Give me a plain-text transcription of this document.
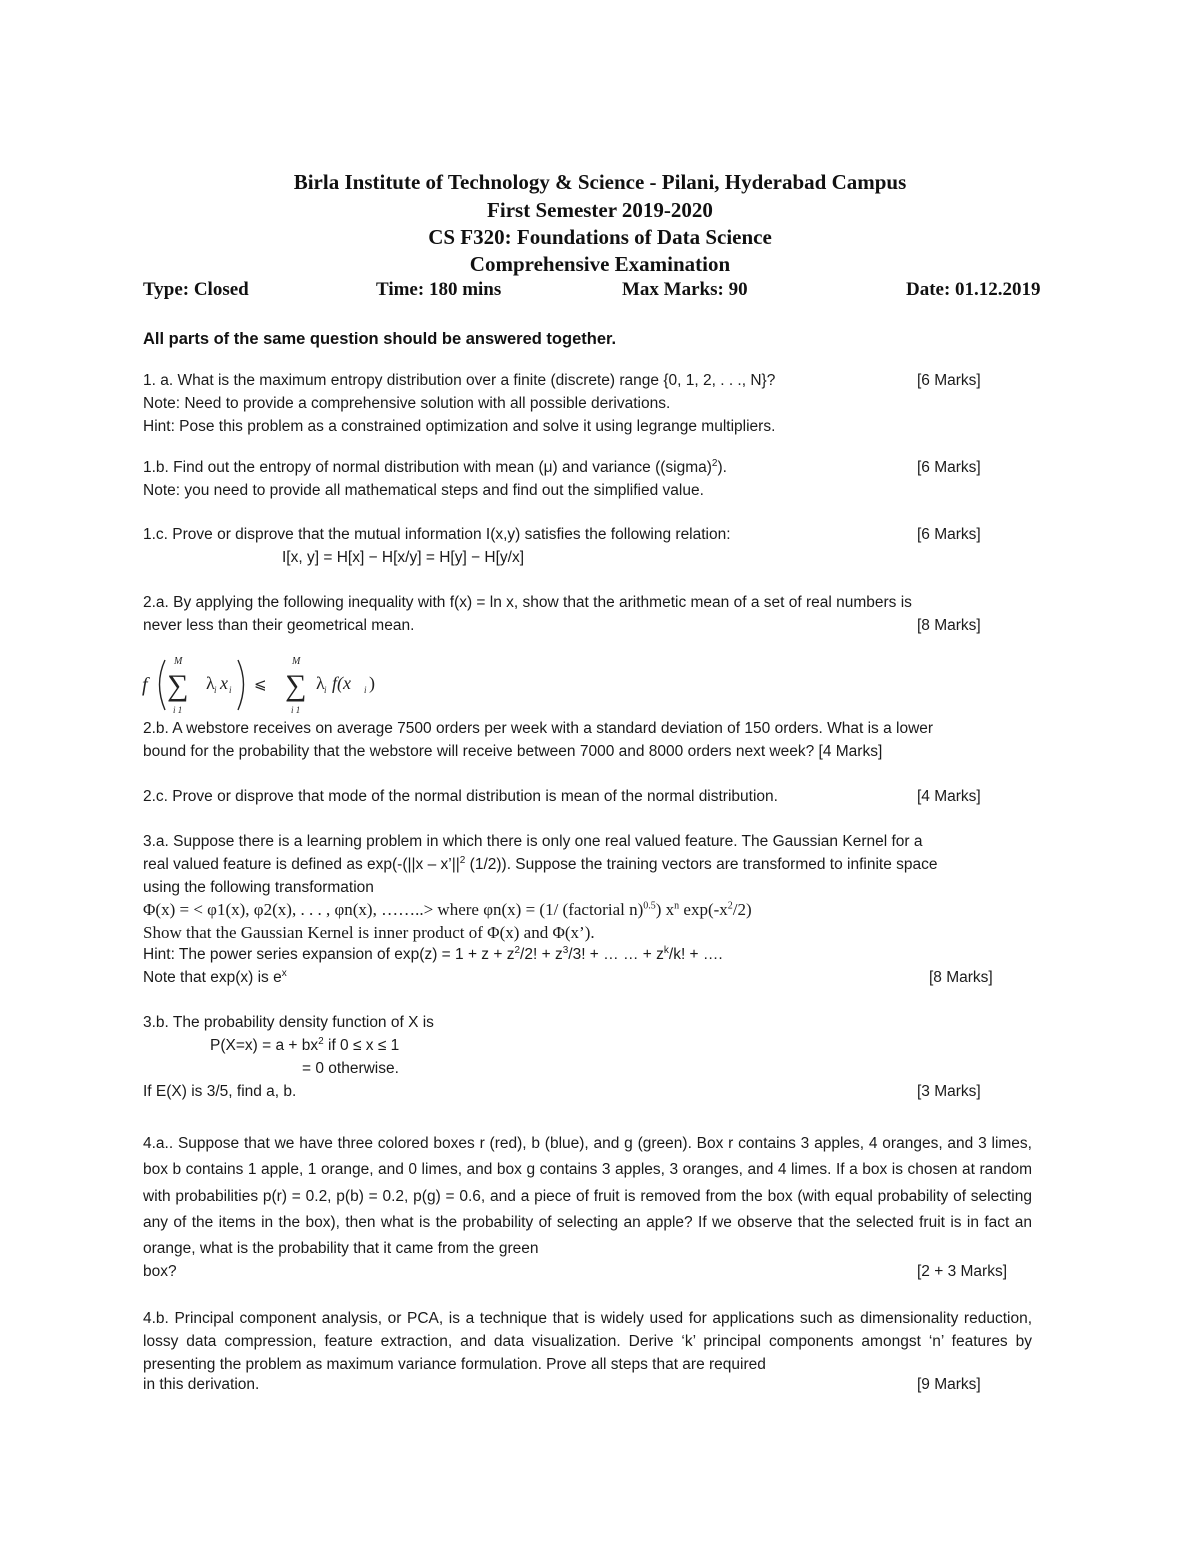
Birla Institute of Technology & Science - Pilani, Hyderabad Campus
First Semester 2019-2020
CS F320: Foundations of Data Science
Comprehensive Examination
Type: Closed	Time: 180 mins	Max Marks: 90	Date: 01.12.2019
All parts of the same question should be answered together.
1. a. What is the maximum entropy distribution over a finite (discrete) range {0, 1, 2, . . ., N}?	[6 Marks]
Note: Need to provide a comprehensive solution with all possible derivations.
Hint: Pose this problem as a constrained optimization and solve it using legrange multipliers.
1.b. Find out the entropy of normal distribution with mean (μ) and variance ((sigma)$^2$).	[6 Marks]
Note: you need to provide all mathematical steps and find out the simplified value.
1.c. Prove or disprove that the mutual information I(x,y) satisfies the following relation:	[6 Marks]
I[x, y] = H[x] − H[x/y] = H[y] − H[y/x]
2.a. By applying the following inequality with f(x) = ln x, show that the arithmetic mean of a set of real numbers is
never less than their geometrical mean.	[8 Marks]
f
M
∑
i 1
λ i x i ⩽
M
∑
i 1
λ i f(x i )
2.b. A webstore receives on average 7500 orders per week with a standard deviation of 150 orders. What is a lower
bound for the probability that the webstore will receive between 7000 and 8000 orders next week? [4 Marks]
2.c. Prove or disprove that mode of the normal distribution is mean of the normal distribution.	[4 Marks]
3.a. Suppose there is a learning problem in which there is only one real valued feature. The Gaussian Kernel for a
real valued feature is defined as $\exp(-(||x - x’||^2$ (1/2)). Suppose the training vectors are transformed to infinite space
using the following transformation
Φ(x) = < φ1(x), φ2(x), . . . , φn(x), ……..> where φn(x) = (1/ (factorial n)$^{0.5}$) $x^n$ $\exp(-x^2/2)$
Show that the Gaussian Kernel is inner product of Φ(x) and Φ(x’).
Hint: The power series expansion of $\exp(z) = 1 + z + z^2/2$! + $z^3/3$! + … … + $z^k/k$! + ….
Note that exp(x) is $e^x$	[8 Marks]
3.b. The probability density function of X is
$P(X=x) = a + bx^2$ if 0 ≤ x ≤ 1
= 0 otherwise.
If E(X) is 3/5, find a, b.	[3 Marks]
4.a.. Suppose that we have three colored boxes r (red), b (blue), and g (green). Box r contains 3 apples, 4 oranges, and 3 limes, box b contains 1 apple, 1 orange, and 0 limes, and box g contains 3 apples, 3 oranges, and 4 limes. If a box is chosen at random with probabilities p(r) = 0.2, p(b) = 0.2, p(g) = 0.6, and a piece of fruit is removed from the box (with equal probability of selecting any of the items in the box), then what is the probability of selecting an apple? If we observe that the selected fruit is in fact an orange, what is the probability that it came from the green
box?	[2 + 3 Marks]
4.b. Principal component analysis, or PCA, is a technique that is widely used for applications such as dimensionality reduction, lossy data compression, feature extraction, and data visualization. Derive ‘k’ principal components amongst ‘n’ features by presenting the problem as maximum variance formulation. Prove all steps that are required
in this derivation.	[9 Marks]
